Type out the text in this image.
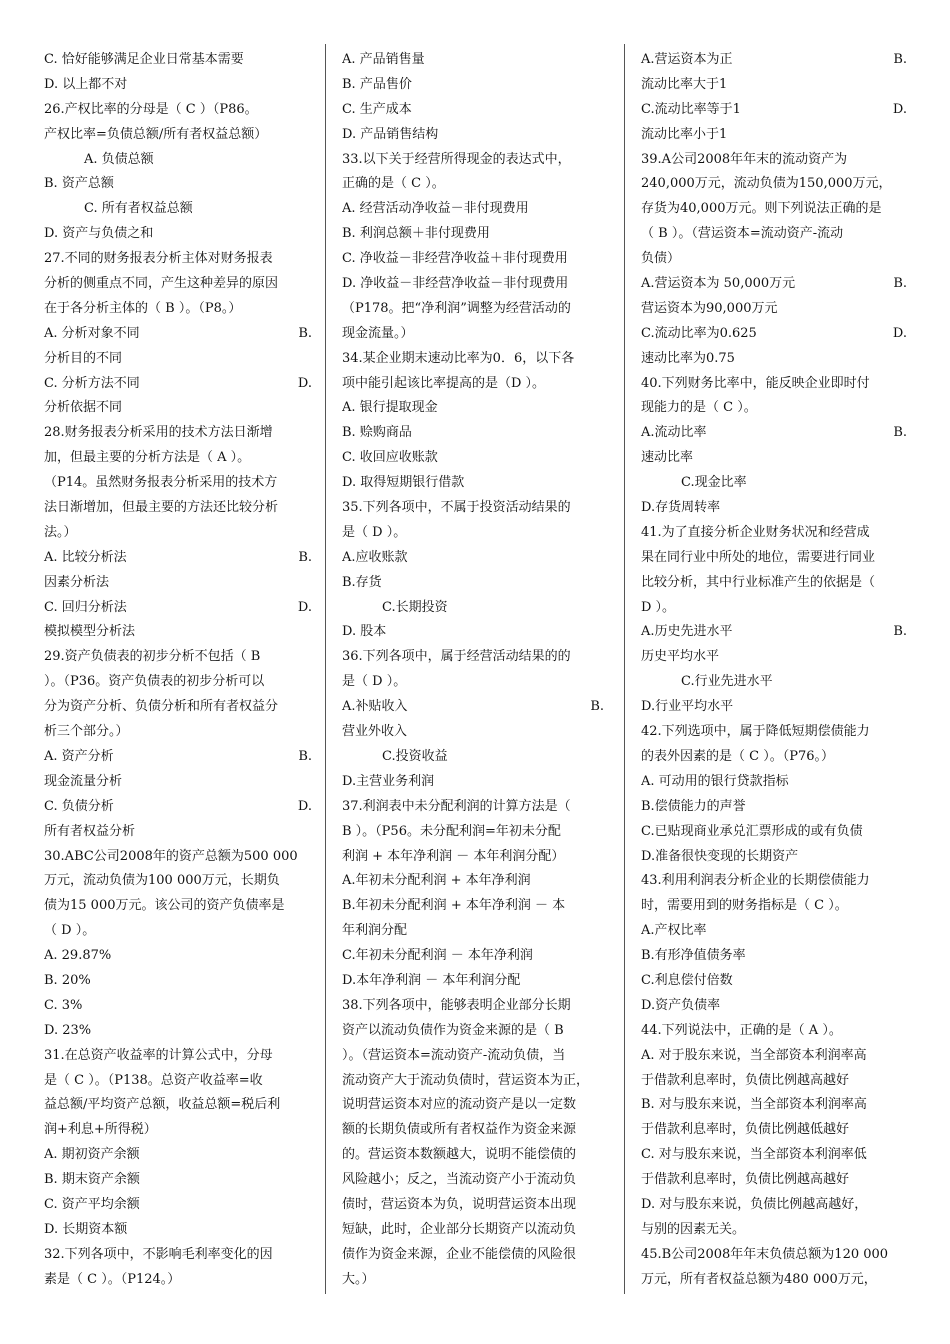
C. 恰好能够满足企业日常基本需要
D. 以上都不对
26.产权比率的分母是（ C ）（P86。
产权比率=负债总额/所有者权益总额）
A. 负债总额
B. 资产总额
C. 所有者权益总额
D. 资产与负债之和
27.不同的财务报表分析主体对财务报表
分析的侧重点不同，产生这种差异的原因
在于各分析主体的（ B ）。（P8。）
A. 分析对象不同	B.
分析目的不同
C. 分析方法不同	D.
分析依据不同
28.财务报表分析采用的技术方法日渐增
加，但最主要的分析方法是（ A ）。
（P14。虽然财务报表分析采用的技术方
法日渐增加，但最主要的方法还比较分析
法。）
A. 比较分析法	B.
因素分析法
C. 回归分析法	D.
模拟模型分析法
29.资产负债表的初步分析不包括（ B
）。（P36。资产负债表的初步分析可以
分为资产分析、负债分析和所有者权益分
析三个部分。）
A. 资产分析	B.
现金流量分析
C. 负债分析	D.
所有者权益分析
30.ABC公司2008年的资产总额为500 000
万元，流动负债为100 000万元，长期负
债为15 000万元。该公司的资产负债率是
（ D ）。
A. 29.87%
B. 20%
C. 3%
D. 23%
31.在总资产收益率的计算公式中，分母
是（ C ）。（P138。总资产收益率=收
益总额/平均资产总额，收益总额=税后利
润+利息+所得税）
A. 期初资产余额
B. 期末资产余额
C. 资产平均余额
D. 长期资本额
32.下列各项中，不影响毛利率变化的因
素是（ C ）。（P124。）
A. 产品销售量
B. 产品售价
C. 生产成本
D. 产品销售结构
33.以下关于经营所得现金的表达式中，
正确的是（ C ）。
A. 经营活动净收益－非付现费用
B. 利润总额＋非付现费用
C. 净收益－非经营净收益＋非付现费用
D. 净收益－非经营净收益－非付现费用
（P178。把“净利润”调整为经营活动的
现金流量。）
34.某企业期末速动比率为0．6，以下各
项中能引起该比率提高的是（D ）。
A. 银行提取现金
B. 赊购商品
C. 收回应收账款
D. 取得短期银行借款
35.下列各项中，不属于投资活动结果的
是（ D ）。
A.应收账款
B.存货
C.长期投资
D. 股本
36.下列各项中，属于经营活动结果的的
是（ D ）。
A.补贴收入	B.
营业外收入
C.投资收益
D.主营业务利润
37.利润表中未分配利润的计算方法是（
B ）。（P56。未分配利润=年初未分配
利润 + 本年净利润 － 本年利润分配）
A.年初未分配利润 + 本年净利润
B.年初未分配利润 + 本年净利润 － 本
年利润分配
C.年初未分配利润 － 本年净利润
D.本年净利润 － 本年利润分配
38.下列各项中，能够表明企业部分长期
资产以流动负债作为资金来源的是（ B
）。（营运资本=流动资产-流动负债，当
流动资产大于流动负债时，营运资本为正，
说明营运资本对应的流动资产是以一定数
额的长期负债或所有者权益作为资金来源
的。营运资本数额越大，说明不能偿债的
风险越小；反之，当流动资产小于流动负
债时，营运资本为负，说明营运资本出现
短缺，此时，企业部分长期资产以流动负
债作为资金来源，企业不能偿债的风险很
大。）
A.营运资本为正	B.
流动比率大于1
C.流动比率等于1	D.
流动比率小于1
39.A公司2008年年末的流动资产为
240,000万元，流动负债为150,000万元，
存货为40,000万元。则下列说法正确的是
（ B ）。（营运资本=流动资产-流动
负债）
A.营运资本为 50,000万元	B.
营运资本为90,000万元
C.流动比率为0.625	D.
速动比率为0.75
40.下列财务比率中，能反映企业即时付
现能力的是（ C ）。
A.流动比率	B.
速动比率
C.现金比率
D.存货周转率
41.为了直接分析企业财务状况和经营成
果在同行业中所处的地位，需要进行同业
比较分析，其中行业标准产生的依据是（
D ）。
A.历史先进水平	B.
历史平均水平
C.行业先进水平
D.行业平均水平
42.下列选项中，属于降低短期偿债能力
的表外因素的是（ C ）。（P76。）
A. 可动用的银行贷款指标
B.偿债能力的声誉
C.已贴现商业承兑汇票形成的或有负债
D.准备很快变现的长期资产
43.利用利润表分析企业的长期偿债能力
时，需要用到的财务指标是（ C ）。
A.产权比率
B.有形净值债务率
C.利息偿付倍数
D.资产负债率
44.下列说法中，正确的是（ A ）。
A. 对于股东来说，当全部资本利润率高
于借款利息率时，负债比例越高越好
B. 对与股东来说，当全部资本利润率高
于借款利息率时，负债比例越低越好
C. 对与股东来说，当全部资本利润率低
于借款利息率时，负债比例越高越好
D. 对与股东来说，负债比例越高越好，
与别的因素无关。
45.B公司2008年年末负债总额为120 000
万元，所有者权益总额为480 000万元，
